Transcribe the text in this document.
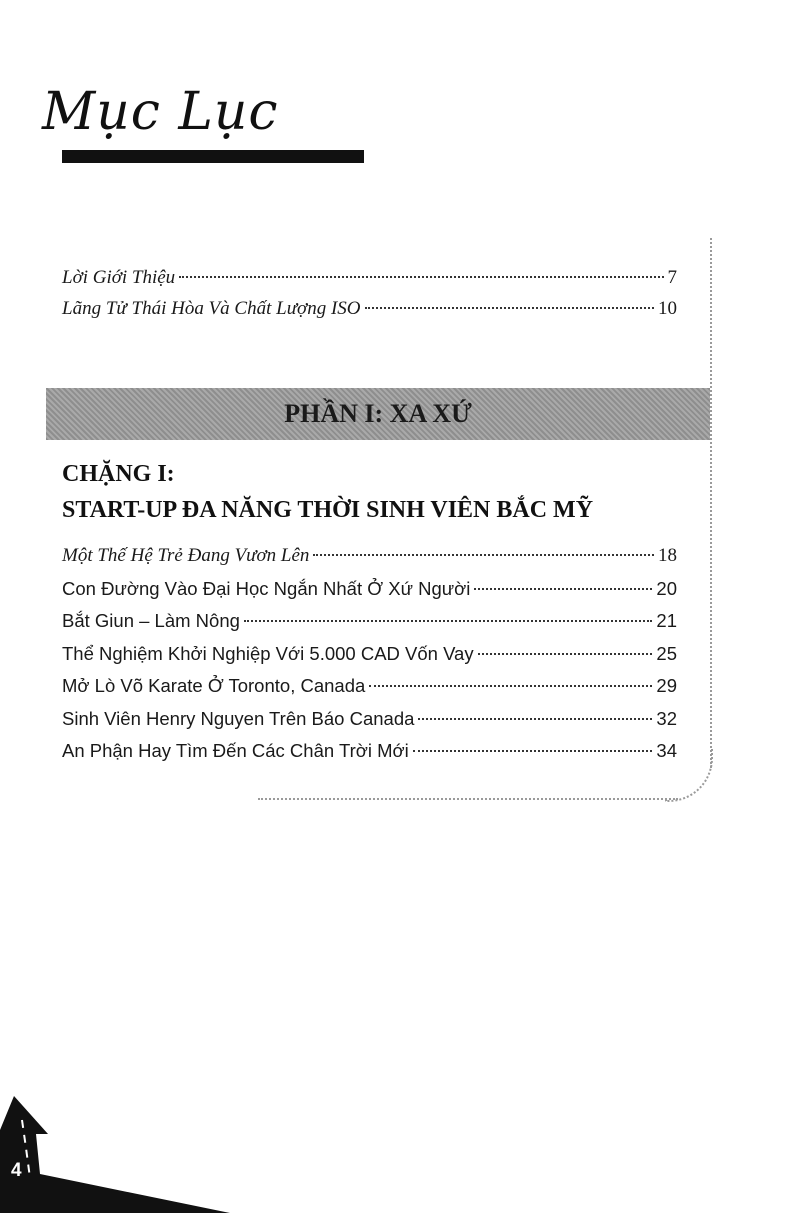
Mục Lục
Lời Giới Thiệu	7
Lãng Tử Thái Hòa Và Chất Lượng ISO	10
PHẦN I: XA XỨ
CHẶNG I:
START-UP ĐA NĂNG THỜI SINH VIÊN BẮC MỸ
Một Thế Hệ Trẻ Đang Vươn Lên	18
Con Đường Vào Đại Học Ngắn Nhất Ở Xứ Người	20
Bắt Giun – Làm Nông	21
Thể Nghiệm Khởi Nghiệp Với 5.000 CAD Vốn Vay	25
Mở Lò Võ Karate Ở Toronto, Canada	29
Sinh Viên Henry Nguyen Trên Báo Canada	32
An Phận Hay Tìm Đến Các Chân Trời Mới	34
4
